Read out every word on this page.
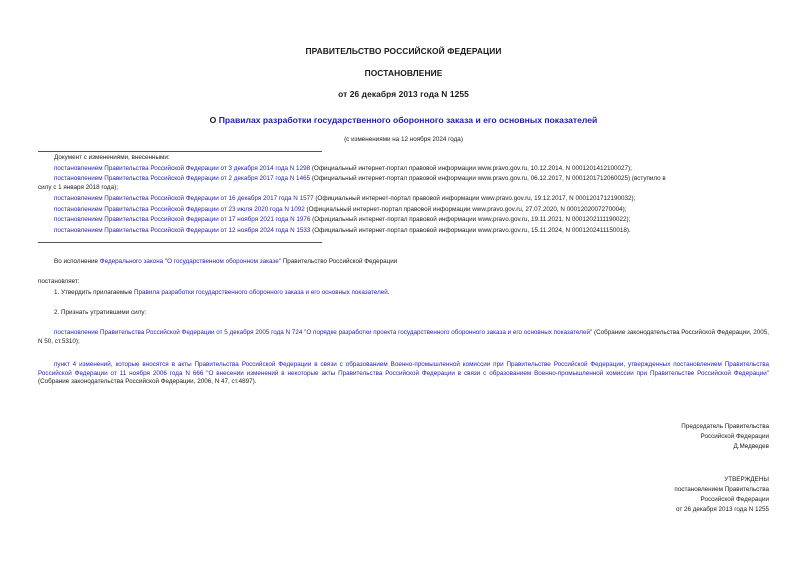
ПРАВИТЕЛЬСТВО РОССИЙСКОЙ ФЕДЕРАЦИИ
ПОСТАНОВЛЕНИЕ
от 26 декабря 2013 года N 1255
О Правилах разработки государственного оборонного заказа и его основных показателей
(с изменениями на 12 ноября 2024 года)
Документ с изменениями, внесенными:
постановлением Правительства Российской Федерации от 3 декабря 2014 года N 1298 (Официальный интернет-портал правовой информации www.pravo.gov.ru, 10.12.2014, N 0001201412100027);
постановлением Правительства Российской Федерации от 2 декабря 2017 года N 1465 (Официальный интернет-портал правовой информации www.pravo.gov.ru, 06.12.2017, N 0001201712060025) (вступило в
силу с 1 января 2018 года);
постановлением Правительства Российской Федерации от 16 декабря 2017 года N 1577 (Официальный интернет-портал правовой информации www.pravo.gov.ru, 19.12.2017, N 0001201712190032);
постановлением Правительства Российской Федерации от 23 июля 2020 года N 1092 (Официальный интернет-портал правовой информации www.pravo.gov.ru, 27.07.2020, N 0001202007270004);
постановлением Правительства Российской Федерации от 17 ноября 2021 года N 1976 (Официальный интернет-портал правовой информации www.pravo.gov.ru, 19.11.2021, N 0001202111190022);
постановлением Правительства Российской Федерации от 12 ноября 2024 года N 1533 (Официальный интернет-портал правовой информации www.pravo.gov.ru, 15.11.2024, N 0001202411150018).
Во исполнение Федерального закона "О государственном оборонном заказе" Правительство Российской Федерации
постановляет:
1. Утвердить прилагаемые Правила разработки государственного оборонного заказа и его основных показателей.
2. Признать утратившими силу:
постановление Правительства Российской Федерации от 5 декабря 2005 года N 724 "О порядке разработки проекта государственного оборонного заказа и его основных показателей" (Собрание законодательства Российской Федерации, 2005, N 50, ст.5310);
пункт 4 изменений, которые вносятся в акты Правительства Российской Федерации в связи с образованием Военно-промышленной комиссии при Правительстве Российской Федерации, утвержденных постановлением Правительства Российской Федерации от 11 ноября 2006 года N 666 "О внесении изменений в некоторые акты Правительства Российской Федерации в связи с образованием Военно-промышленной комиссии при Правительстве Российской Федерации" (Собрание законодательства Российской Федерации, 2006, N 47, ст.4897).
Председатель Правительства
Российской Федерации
Д.Медведев
УТВЕРЖДЕНЫ
постановлением Правительства
Российской Федерации
от 26 декабря 2013 года N 1255
